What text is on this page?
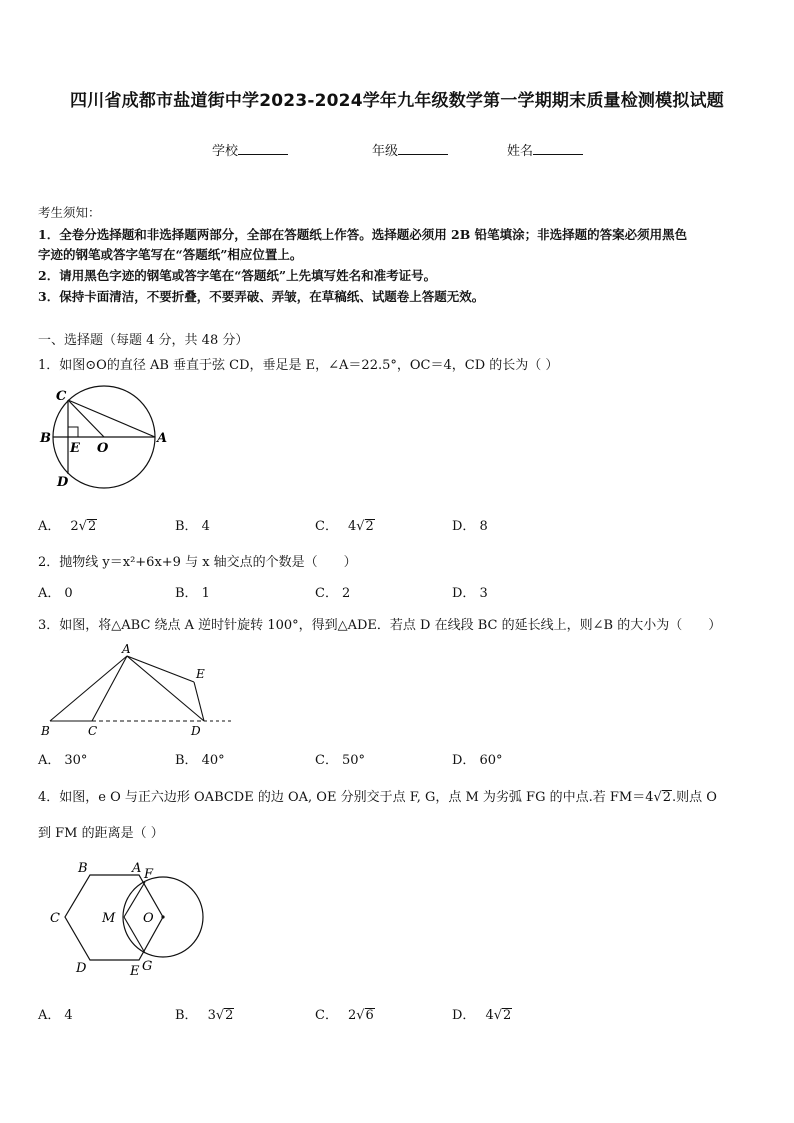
四川省成都市盐道街中学2023-2024学年九年级数学第一学期期末质量检测模拟试题
学校	年级	姓名
考生须知：
1．全卷分选择题和非选择题两部分，全部在答题纸上作答。选择题必须用 2B 铅笔填涂；非选择题的答案必须用黑色
字迹的钢笔或答字笔写在“答题纸”相应位置上。
2．请用黑色字迹的钢笔或答字笔在“答题纸”上先填写姓名和准考证号。
3．保持卡面清洁，不要折叠，不要弄破、弄皱，在草稿纸、试题卷上答题无效。
一、选择题（每题 4 分，共 48 分）
1．如图⊙O的直径 AB 垂直于弦 CD，垂足是 E，∠A＝22.5°，OC＝4，CD 的长为（ ）
C
B
E O
A
D
A． 2√2	B． 4	C． 4√2	D． 8
2．抛物线 y＝x²+6x+9 与 x 轴交点的个数是（　　）
A． 0	B． 1	C． 2	D． 3
3．如图，将△ABC 绕点 A 逆时针旋转 100°，得到△ADE．若点 D 在线段 BC 的延长线上，则∠B 的大小为（　　）
A
E
B	C	D
A． 30°	B． 40°	C． 50°	D． 60°
4．如图，e O 与正六边形 OABCDE 的边 OA, OE 分别交于点 F, G，点 M 为劣弧 FG 的中点.若 FM＝4√2.则点 O
到 FM 的距离是（ ）
B	A F
C	M O
D	E G
A． 4	B． 3√2	C． 2√6	D． 4√2
